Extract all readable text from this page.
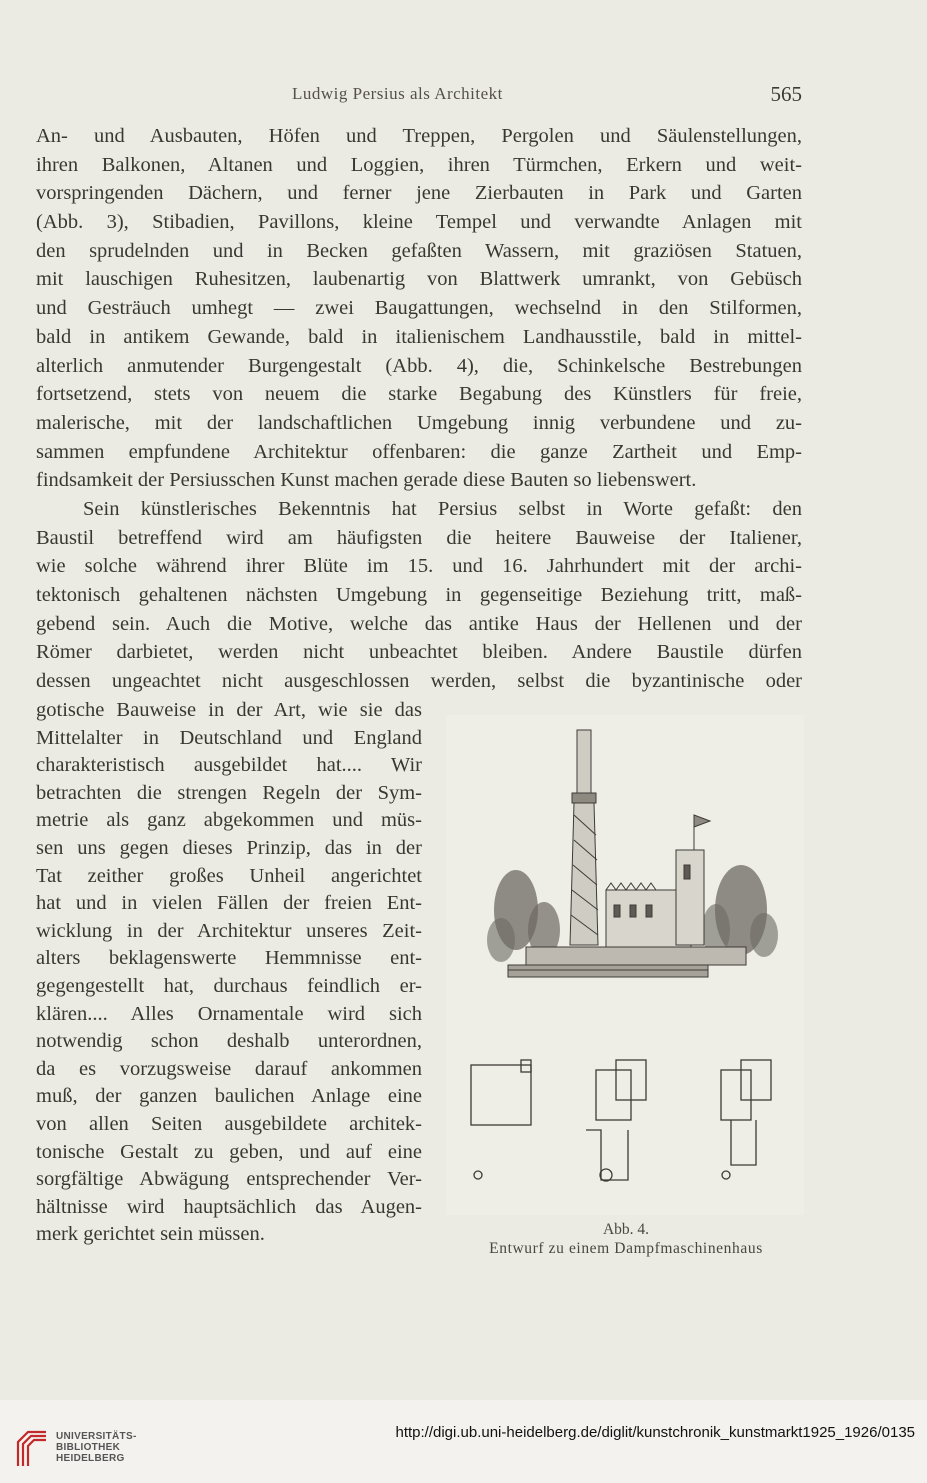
Ludwig Persius als Architekt	565
An- und Ausbauten, Höfen und Treppen, Pergolen und Säulenstellungen,
ihren Balkonen, Altanen und Loggien, ihren Türmchen, Erkern und weit-
vorspringenden Dächern, und ferner jene Zierbauten in Park und Garten
(Abb. 3), Stibadien, Pavillons, kleine Tempel und verwandte Anlagen mit
den sprudelnden und in Becken gefaßten Wassern, mit graziösen Statuen,
mit lauschigen Ruhesitzen, laubenartig von Blattwerk umrankt, von Gebüsch
und Gesträuch umhegt — zwei Baugattungen, wechselnd in den Stilformen,
bald in antikem Gewande, bald in italienischem Landhausstile, bald in mittel-
alterlich anmutender Burgengestalt (Abb. 4), die, Schinkelsche Bestrebungen
fortsetzend, stets von neuem die starke Begabung des Künstlers für freie,
malerische, mit der landschaftlichen Umgebung innig verbundene und zu-
sammen empfundene Architektur offenbaren: die ganze Zartheit und Emp-
findsamkeit der Persiusschen Kunst machen gerade diese Bauten so liebenswert.
Sein künstlerisches Bekenntnis hat Persius selbst in Worte gefaßt: den
Baustil betreffend wird am häufigsten die heitere Bauweise der Italiener,
wie solche während ihrer Blüte im 15. und 16. Jahrhundert mit der archi-
tektonisch gehaltenen nächsten Umgebung in gegenseitige Beziehung tritt, maß-
gebend sein. Auch die Motive, welche das antike Haus der Hellenen und der
Römer darbietet, werden nicht unbeachtet bleiben. Andere Baustile dürfen
dessen ungeachtet nicht ausgeschlossen werden, selbst die byzantinische oder
gotische Bauweise in der Art, wie sie das
Mittelalter in Deutschland und England
charakteristisch ausgebildet hat.... Wir
betrachten die strengen Regeln der Sym-
metrie als ganz abgekommen und müs-
sen uns gegen dieses Prinzip, das in der
Tat zeither großes Unheil angerichtet
hat und in vielen Fällen der freien Ent-
wicklung in der Architektur unseres Zeit-
alters beklagenswerte Hemmnisse ent-
gegengestellt hat, durchaus feindlich er-
klären.... Alles Ornamentale wird sich
notwendig schon deshalb unterordnen,
da es vorzugsweise darauf ankommen
muß, der ganzen baulichen Anlage eine
von allen Seiten ausgebildete architek-
tonische Gestalt zu geben, und auf eine
sorgfältige Abwägung entsprechender Ver-
hältnisse wird hauptsächlich das Augen-
merk gerichtet sein müssen.	Abb. 4.
Entwurf zu einem Dampfmaschinenhaus
UNIVERSITÄTS- BIBLIOTHEK HEIDELBERG
http://digi.ub.uni-heidelberg.de/diglit/kunstchronik_kunstmarkt1925_1926/0135
